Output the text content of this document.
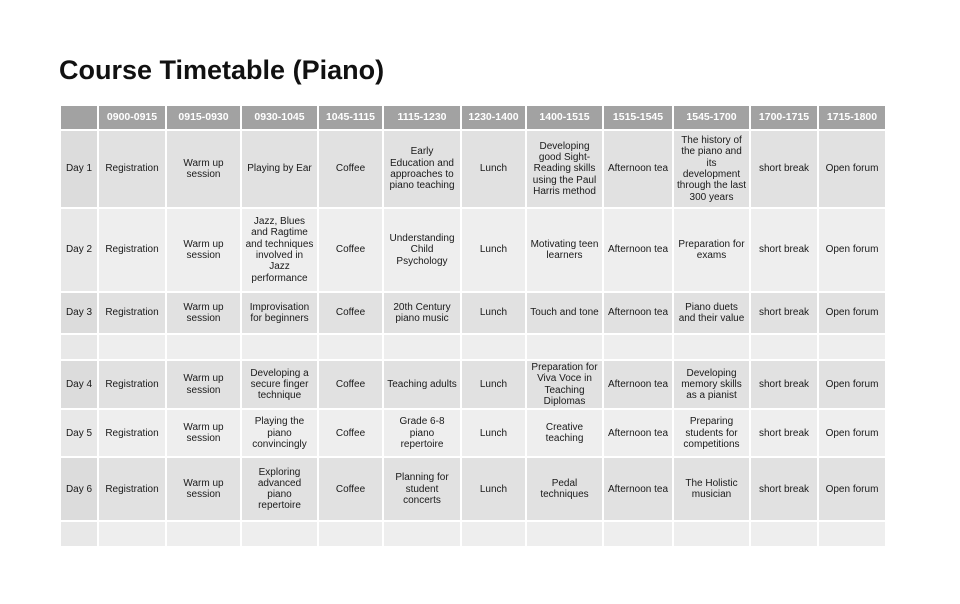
Course Timetable (Piano)
	0900-0915	0915-0930	0930-1045	1045-1115	1115-1230	1230-1400	1400-1515	1515-1545	1545-1700	1700-1715	1715-1800
Day 1	Registration	Warm up session	Playing by Ear	Coffee	Early Education and approaches to piano teaching	Lunch	Developing good Sight-Reading skills using the Paul Harris method	Afternoon tea	The history of the piano and its development through the last 300 years	short break	Open forum
Day 2	Registration	Warm up session	Jazz, Blues and Ragtime and techniques involved in Jazz performance	Coffee	Understanding Child Psychology	Lunch	Motivating teen learners	Afternoon tea	Preparation for exams	short break	Open forum
Day 3	Registration	Warm up session	Improvisation for beginners	Coffee	20th Century piano music	Lunch	Touch and tone	Afternoon tea	Piano duets and their value	short break	Open forum

Day 4	Registration	Warm up session	Developing a secure finger technique	Coffee	Teaching adults	Lunch	Preparation for Viva Voce in Teaching Diplomas	Afternoon tea	Developing memory skills as a pianist	short break	Open forum
Day 5	Registration	Warm up session	Playing the piano convincingly	Coffee	Grade 6-8 piano repertoire	Lunch	Creative teaching	Afternoon tea	Preparing students for competitions	short break	Open forum
Day 6	Registration	Warm up session	Exploring advanced piano repertoire	Coffee	Planning for student concerts	Lunch	Pedal techniques	Afternoon tea	The Holistic musician	short break	Open forum
